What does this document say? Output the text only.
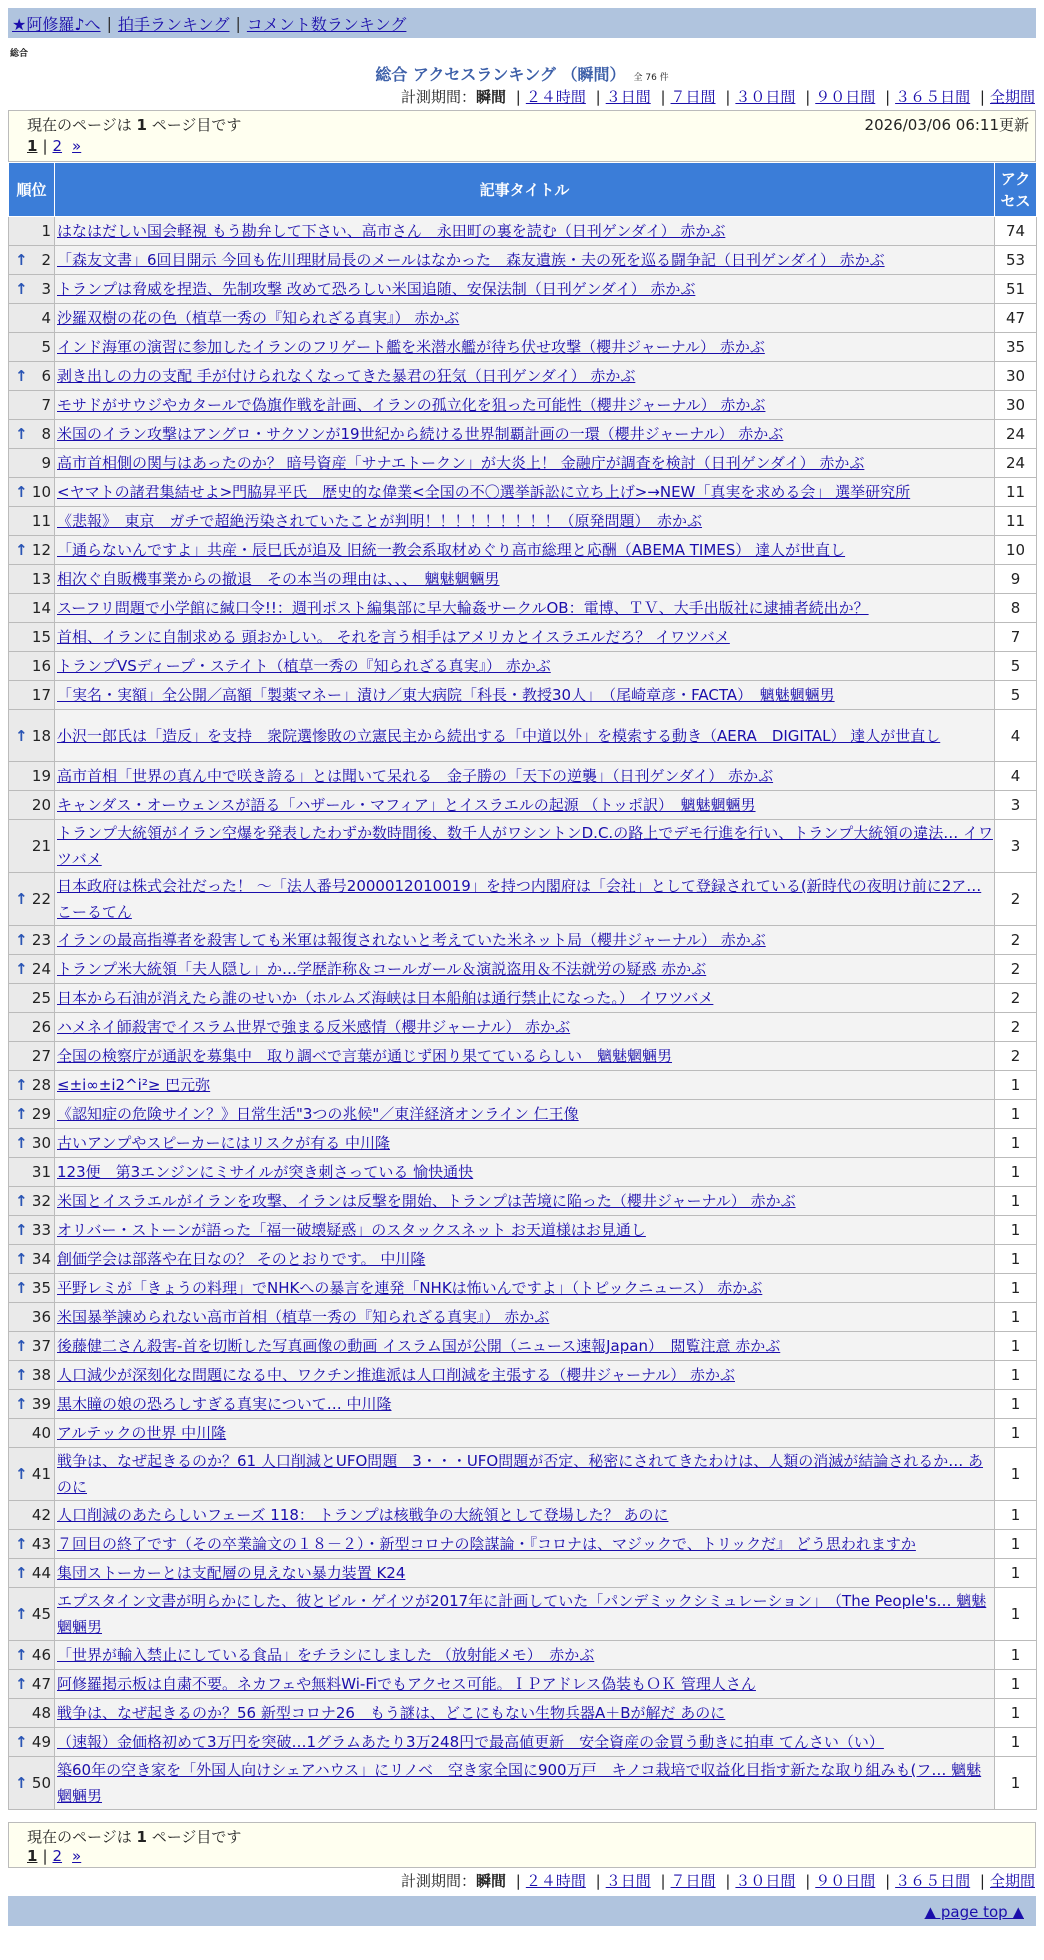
★阿修羅♪へ | 拍手ランキング | コメント数ランキング
総合
総合 アクセスランキング （瞬間） 全 76 件
計測期間：瞬間 | ２４時間 | ３日間 | ７日間 | ３０日間 | ９０日間 | ３６５日間 | 全期間
現在のページは 1 ページ目です	2026/03/06 06:11更新
1 | 2 »
順位	記事タイトル	アクセス
1	はなはだしい国会軽視 もう勘弁して下さい、高市さん　永田町の裏を読む（日刊ゲンダイ） 赤かぶ	74

↑ 2	「森友文書」6回目開示 今回も佐川理財局長のメールはなかった　森友遺族・夫の死を巡る闘争記（日刊ゲンダイ） 赤かぶ	53

↑ 3	トランプは脅威を捏造、先制攻撃 改めて恐ろしい米国追随、安保法制（日刊ゲンダイ） 赤かぶ	51
4	沙羅双樹の花の色（植草一秀の『知られざる真実』） 赤かぶ	47
5	インド海軍の演習に参加したイランのフリゲート艦を米潜水艦が待ち伏せ攻撃（櫻井ジャーナル） 赤かぶ	35

↑ 6	剥き出しの力の支配 手が付けられなくなってきた暴君の狂気（日刊ゲンダイ） 赤かぶ	30
7	モサドがサウジやカタールで偽旗作戦を計画、イランの孤立化を狙った可能性（櫻井ジャーナル） 赤かぶ	30

↑ 8	米国のイラン攻撃はアングロ・サクソンが19世紀から続ける世界制覇計画の一環（櫻井ジャーナル） 赤かぶ	24
9	高市首相側の関与はあったのか？ 暗号資産「サナエトークン」が大炎上！ 金融庁が調査を検討（日刊ゲンダイ） 赤かぶ	24

↑ 10	<ヤマトの諸君集結せよ>門脇昇平氏　歴史的な偉業<全国の不〇選挙訴訟に立ち上げ>→NEW「真実を求める会」 選挙研究所	11
11	《悲報》　東京　ガチで超絶汚染されていたことが判明！！！！！！！！！（原発問題）　赤かぶ	11

↑ 12	「通らないんですよ」共産・辰巳氏が追及 旧統一教会系取材めぐり高市総理と応酬（ABEMA TIMES） 達人が世直し	10
13	相次ぐ自販機事業からの撤退　その本当の理由は、、、　魑魅魍魎男	9
14	スーフリ問題で小学館に緘口令!!：週刊ポスト編集部に早大輪姦サークルOB：電博、ＴＶ、大手出版社に逮捕者続出か？	8
15	首相、イランに自制求める 頭おかしい。 それを言う相手はアメリカとイスラエルだろ？ イワツバメ	7
16	トランプVSディープ・ステイト（植草一秀の『知られざる真実』） 赤かぶ	5
17	「実名・実額」全公開／高額「製薬マネー」漬け／東大病院「科長・教授30人」　（尾崎章彦・FACTA）　魑魅魍魎男	5

↑ 18	小沢一郎氏は「造反」を支持　衆院選惨敗の立憲民主から続出する「中道以外」を模索する動き（AERA　DIGITAL） 達人が世直し	4
19	高市首相「世界の真ん中で咲き誇る」とは聞いて呆れる　金子勝の「天下の逆襲」（日刊ゲンダイ） 赤かぶ	4
20	キャンダス・オーウェンスが語る「ハザール・マフィア」とイスラエルの起源 （トッポ訳）　魑魅魍魎男	3
21	トランプ大統領がイラン空爆を発表したわずか数時間後、数千人がワシントンD.C.の路上でデモ行進を行い、トランプ大統領の違法… イワツバメ	3

↑ 22	日本政府は株式会社だった！ ～「法人番号2000012010019」を持つ内閣府は「会社」として登録されている(新時代の夜明け前に2ア… こーるてん	2

↑ 23	イランの最高指導者を殺害しても米軍は報復されないと考えていた米ネット局（櫻井ジャーナル） 赤かぶ	2

↑ 24	トランプ米大統領「夫人隠し」か…学歴詐称＆コールガール＆演説盗用＆不法就労の疑惑 赤かぶ	2
25	日本から石油が消えたら誰のせいか（ホルムズ海峡は日本船舶は通行禁止になった。） イワツバメ	2
26	ハメネイ師殺害でイスラム世界で強まる反米感情（櫻井ジャーナル） 赤かぶ	2
27	全国の検察庁が通訳を募集中　取り調べで言葉が通じず困り果てているらしい　魑魅魍魎男	2

↑ 28	≤±i∞±i2^i²≥ 巴元弥	1

↑ 29	《認知症の危険サイン？》日常生活"3つの兆候"／東洋経済オンライン 仁王像	1

↑ 30	古いアンプやスピーカーにはリスクが有る 中川隆	1
31	123便　第3エンジンにミサイルが突き刺さっている 愉快通快	1

↑ 32	米国とイスラエルがイランを攻撃、イランは反撃を開始、トランプは苦境に陥った（櫻井ジャーナル） 赤かぶ	1

↑ 33	オリバー・ストーンが語った「福一破壊疑惑」のスタックスネット お天道様はお見通し	1

↑ 34	創価学会は部落や在日なの？ そのとおりです。 中川隆	1

↑ 35	平野レミが「きょうの料理」でNHKへの暴言を連発「NHKは怖いんですよ」（トピックニュース） 赤かぶ	1
36	米国暴挙諫められない高市首相（植草一秀の『知られざる真実』） 赤かぶ	1

↑ 37	後藤健二さん殺害-首を切断した写真画像の動画 イスラム国が公開（ニュース速報Japan）　閲覧注意 赤かぶ	1

↑ 38	人口減少が深刻化な問題になる中、ワクチン推進派は人口削減を主張する（櫻井ジャーナル） 赤かぶ	1

↑ 39	黒木瞳の娘の恐ろしすぎる真実について… 中川隆	1
40	アルテックの世界 中川隆	1

↑ 41	戦争は、なぜ起きるのか？61 人口削減とUFO問題　3・・・UFO問題が否定、秘密にされてきたわけは、人類の消滅が結論されるか… あのに	1
42	人口削減のあたらしいフェーズ 118： トランプは核戦争の大統領として登場した？ あのに	1

↑ 43	７回目の終了です（その卒業論文の１８－２）・新型コロナの陰謀論・『コロナは、マジックで、トリックだ』 どう思われますか	1

↑ 44	集団ストーカーとは支配層の見えない暴力装置 K24	1

↑ 45	エプスタイン文書が明らかにした、彼とビル・ゲイツが2017年に計画していた「パンデミックシミュレーション」　（The People's… 魑魅魍魎男	1

↑ 46	「世界が輸入禁止にしている食品」をチラシにしました （放射能メモ）　赤かぶ	1

↑ 47	阿修羅掲示板は自粛不要。ネカフェや無料Wi-Fiでもアクセス可能。ＩＰアドレス偽装もＯＫ 管理人さん	1
48	戦争は、なぜ起きるのか？56 新型コロナ26　もう謎は、どこにもない生物兵器A＋Bが解だ あのに	1

↑ 49	（速報）金価格初めて3万円を突破…1グラムあたり3万248円で最高値更新　安全資産の金買う動きに拍車 てんさい（い）	1

↑ 50	築60年の空き家を「外国人向けシェアハウス」にリノベ　空き家全国に900万戸　キノコ栽培で収益化目指す新たな取り組みも(フ… 魑魅魍魎男	1
現在のページは 1 ページ目です
1 | 2 »
計測期間：瞬間 | ２４時間 | ３日間 | ７日間 | ３０日間 | ９０日間 | ３６５日間 | 全期間
▲ page top ▲
